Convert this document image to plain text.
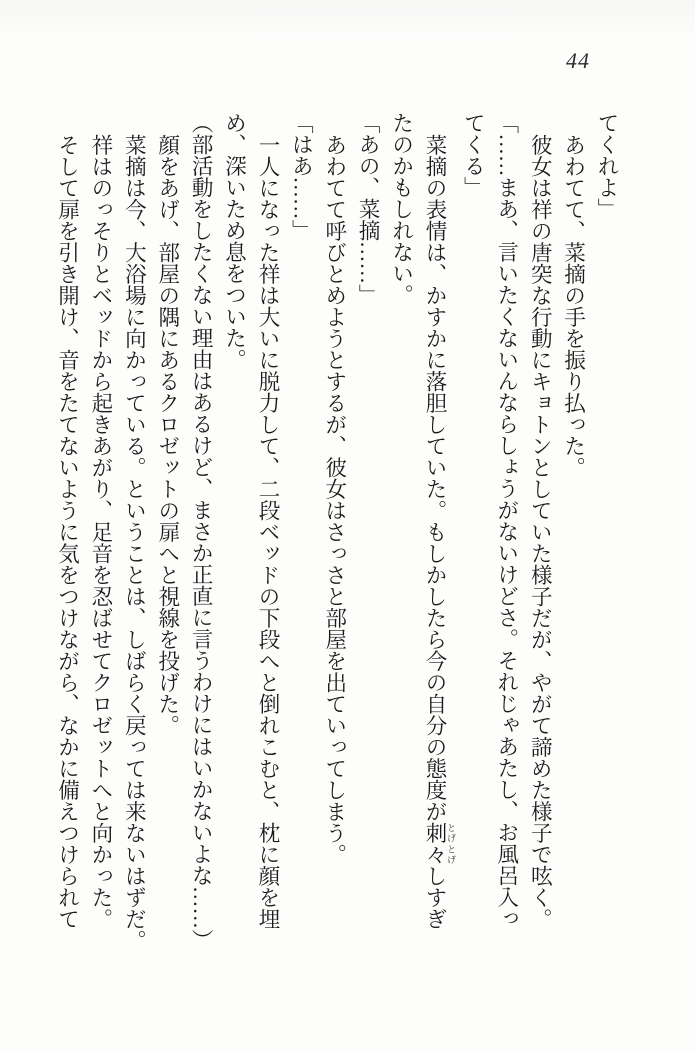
44

てくれよ」

あわてて、菜摘の手を振り払った。

彼女は祥の唐突な行動にキョトンとしていた様子だが、やがて諦めた様子で呟く。

「……まあ、言いたくないんならしょうがないけどさ。それじゃあたし、お風呂入っ

てくる」

菜摘の表情は、かすかに落胆していた。もしかしたら今の自分の態度が刺々 とげとげしすぎ

たのかもしれない。

「あの、菜摘……」

あわてて呼びとめようとするが、彼女はさっさと部屋を出ていってしまう。

「はあ……」

一人になった祥は大いに脱力して、二段ベッドの下段へと倒れこむと、枕に顔を埋

め、深いため息をついた。

（部活動をしたくない理由はあるけど、まさか正直に言うわけにはいかないよな……）

顔をあげ、部屋の隅にあるクロゼットの扉へと視線を投げた。

菜摘は今、大浴場に向かっている。ということは、しばらく戻っては来ないはずだ。

祥はのっそりとベッドから起きあがり、足音を忍ばせてクロゼットへと向かった。

そして扉を引き開け、音をたてないように気をつけながら、なかに備えつけられて
